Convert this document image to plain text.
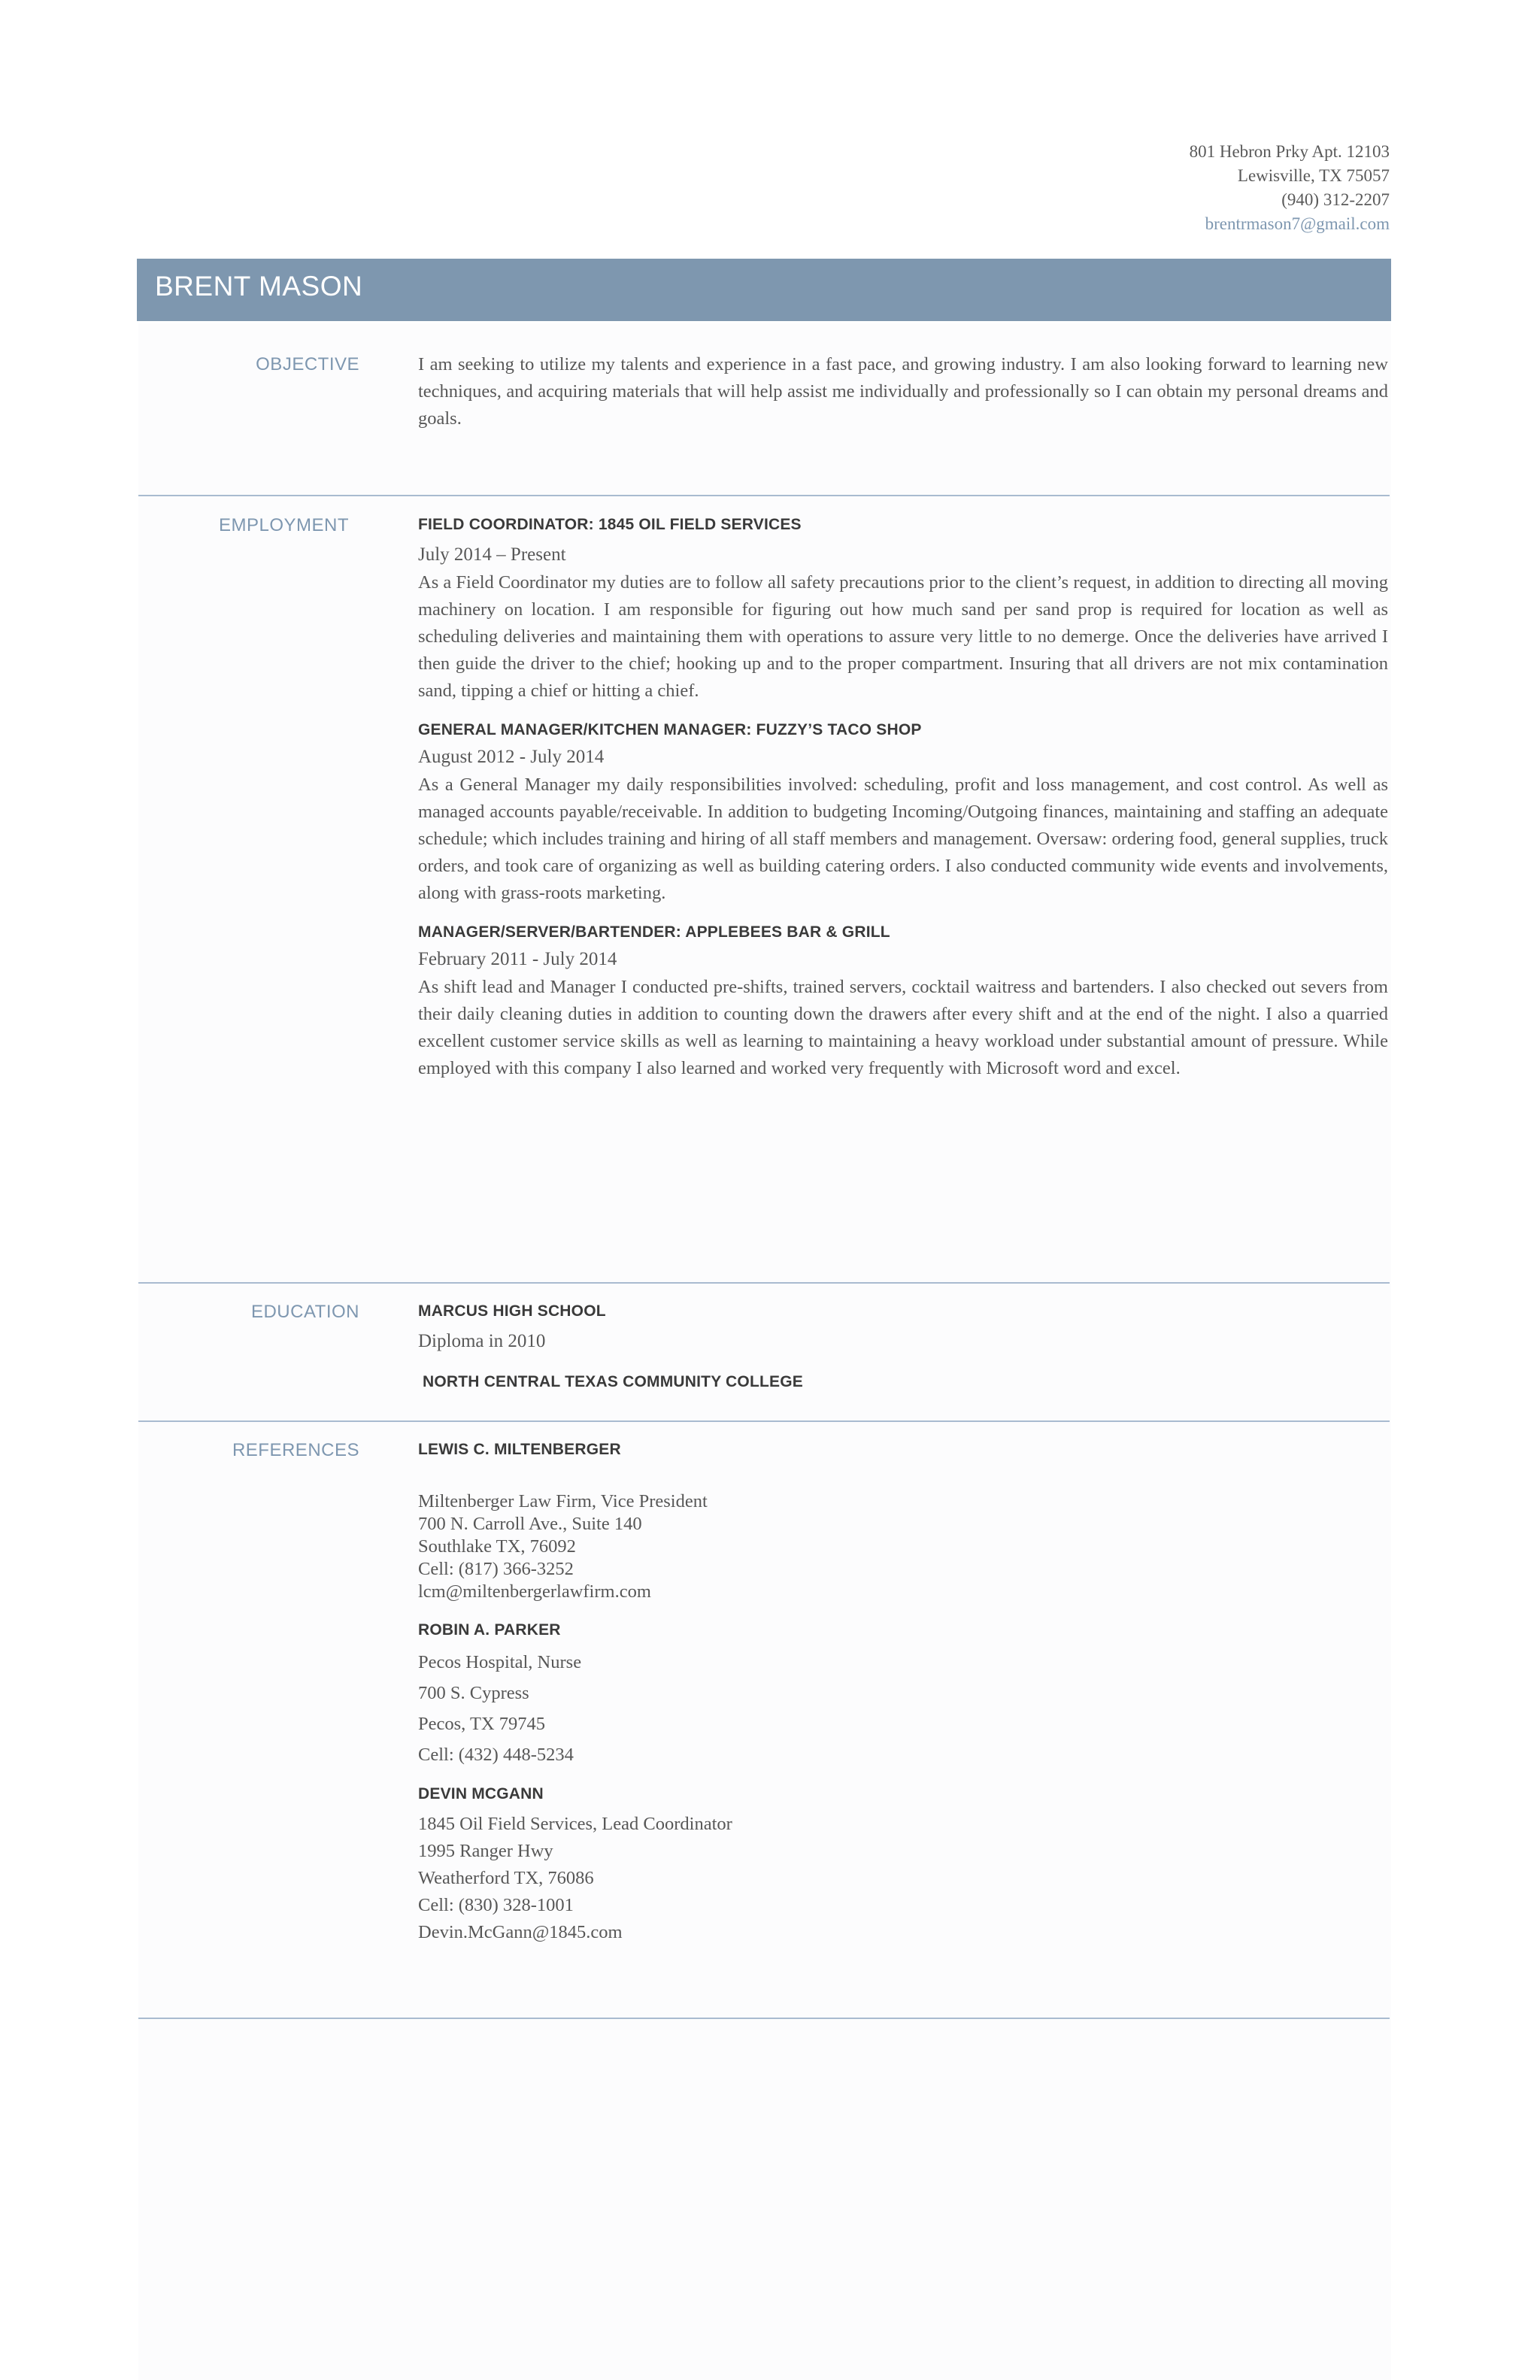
801 Hebron Prky Apt. 12103
Lewisville, TX 75057
(940) 312-2207
brentrmason7@gmail.com
BRENT MASON
OBJECTIVE	I am seeking to utilize my talents and experience in a fast pace, and growing industry. I am also looking forward to learning new techniques, and acquiring materials that will help assist me individually and professionally so I can obtain my personal dreams and goals.

EMPLOYMENT	FIELD COORDINATOR: 1845 OIL FIELD SERVICES

July 2014 – Present

As a Field Coordinator my duties are to follow all safety precautions prior to the client’s request, in addition to directing all moving machinery on location. I am responsible for figuring out how much sand per sand prop is required for location as well as scheduling deliveries and maintaining them with operations to assure very little to no demerge. Once the deliveries have arrived I then guide the driver to the chief; hooking up and to the proper compartment. Insuring that all drivers are not mix contamination sand, tipping a chief or hitting a chief.

GENERAL MANAGER/KITCHEN MANAGER: FUZZY’S TACO SHOP

August 2012 - July 2014

As a General Manager my daily responsibilities involved: scheduling, profit and loss management, and cost control. As well as managed accounts payable/receivable. In addition to budgeting Incoming/Outgoing finances, maintaining and staffing an adequate schedule; which includes training and hiring of all staff members and management. Oversaw: ordering food, general supplies, truck orders, and took care of organizing as well as building catering orders. I also conducted community wide events and involvements, along with grass-roots marketing.

MANAGER/SERVER/BARTENDER: APPLEBEES BAR & GRILL

February 2011 - July 2014

As shift lead and Manager I conducted pre-shifts, trained servers, cocktail waitress and bartenders. I also checked out severs from their daily cleaning duties in addition to counting down the drawers after every shift and at the end of the night. I also a quarried excellent customer service skills as well as learning to maintaining a heavy workload under substantial amount of pressure. While employed with this company I also learned and worked very frequently with Microsoft word and excel.

EDUCATION	MARCUS HIGH SCHOOL

Diploma in 2010

NORTH CENTRAL TEXAS COMMUNITY COLLEGE

REFERENCES	LEWIS C. MILTENBERGER

Miltenberger Law Firm, Vice President

700 N. Carroll Ave., Suite 140

Southlake TX, 76092

Cell: (817) 366-3252

lcm@miltenbergerlawfirm.com

ROBIN A. PARKER

Pecos Hospital, Nurse

700 S. Cypress

Pecos, TX 79745

Cell: (432) 448-5234

DEVIN MCGANN

1845 Oil Field Services, Lead Coordinator

1995 Ranger Hwy

Weatherford TX, 76086

Cell: (830) 328-1001

Devin.McGann@1845.com
